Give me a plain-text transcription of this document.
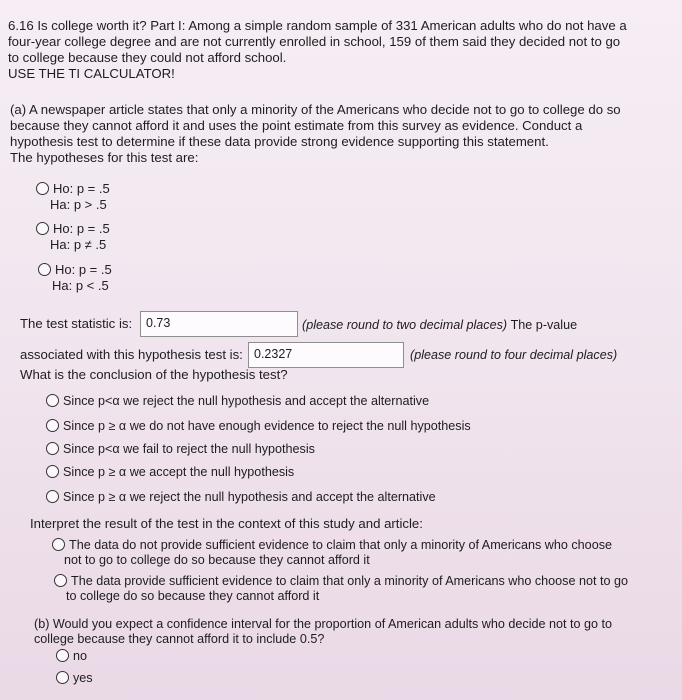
6.16 Is college worth it? Part I: Among a simple random sample of 331 American adults who do not have a
four-year college degree and are not currently enrolled in school, 159 of them said they decided not to go
to college because they could not afford school.
USE THE TI CALCULATOR!
(a) A newspaper article states that only a minority of the Americans who decide not to go to college do so
because they cannot afford it and uses the point estimate from this survey as evidence. Conduct a
hypothesis test to determine if these data provide strong evidence supporting this statement.
The hypotheses for this test are:
Ho: p = .5
Ha: p > .5
Ho: p = .5
Ha: p ≠ .5
Ho: p = .5
Ha: p < .5
The test statistic is:	0.73	(please round to two decimal places) The p-value
associated with this hypothesis test is: 0.2327	(please round to four decimal places)
What is the conclusion of the hypothesis test?
Since p<α we reject the null hypothesis and accept the alternative
Since p ≥ α we do not have enough evidence to reject the null hypothesis
Since p<α we fail to reject the null hypothesis
Since p ≥ α we accept the null hypothesis
Since p ≥ α we reject the null hypothesis and accept the alternative
Interpret the result of the test in the context of this study and article:
The data do not provide sufficient evidence to claim that only a minority of Americans who choose
not to go to college do so because they cannot afford it
The data provide sufficient evidence to claim that only a minority of Americans who choose not to go
to college do so because they cannot afford it
(b) Would you expect a confidence interval for the proportion of American adults who decide not to go to
college because they cannot afford it to include 0.5?
no
yes
